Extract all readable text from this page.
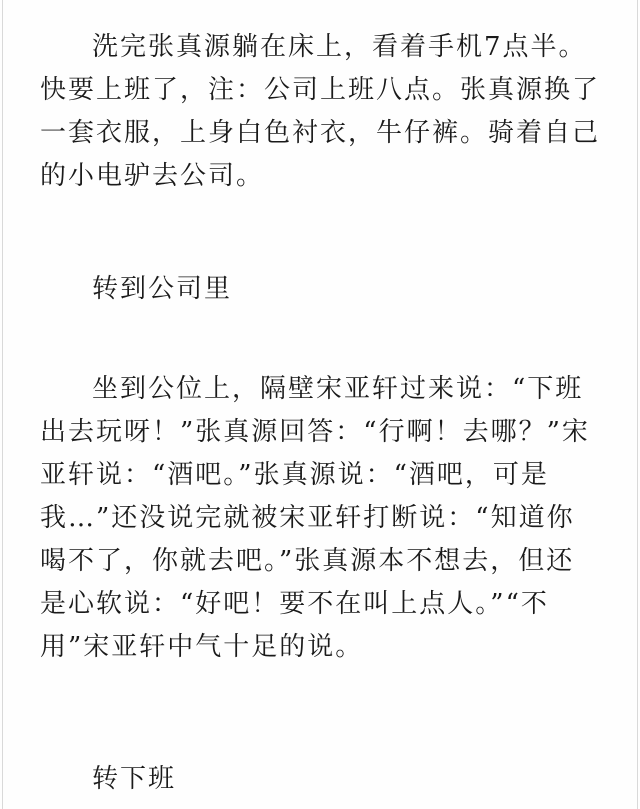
洗完张真源躺在床上，看着手机7点半。快要上班了，注：公司上班八点。张真源换了一套衣服，上身白色衬衣，牛仔裤。骑着自己的小电驴去公司。

转到公司里

坐到公位上，隔壁宋亚轩过来说：“下班出去玩呀！”张真源回答：“行啊！去哪？”宋亚轩说：“酒吧。”张真源说：“酒吧，可是我…”还没说完就被宋亚轩打断说：“知道你喝不了，你就去吧。”张真源本不想去，但还是心软说：“好吧！要不在叫上点人。”“不用”宋亚轩中气十足的说。

转下班
